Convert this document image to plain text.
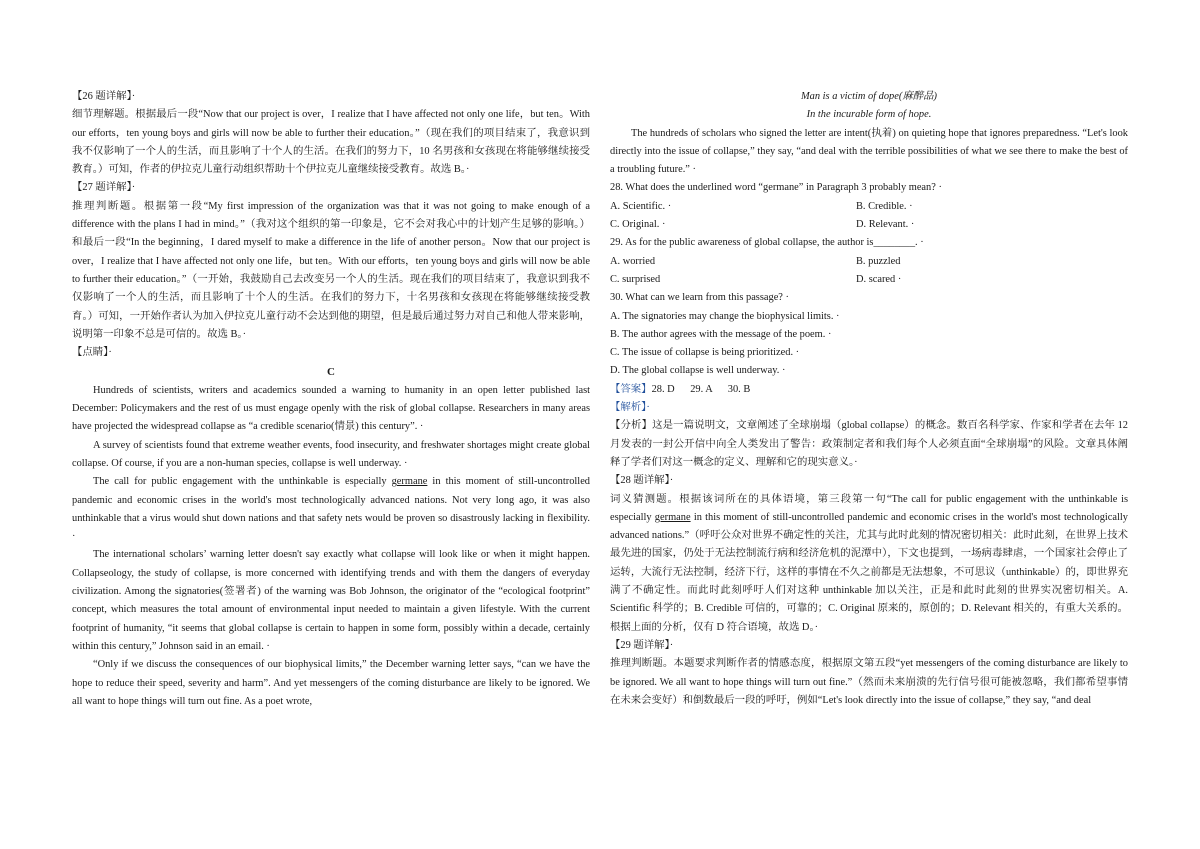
【26 题详解】·

细节理解题。根据最后一段“Now that our project is over，I realize that I have affected not only one life，but ten。With our efforts，ten young boys and girls will now be able to further their education。”（现在我们的项目结束了，我意识到我不仅影响了一个人的生活，而且影响了十个人的生活。在我们的努力下，10 名男孩和女孩现在将能够继续接受教育。）可知，作者的伊拉克儿童行动组织帮助十个伊拉克儿童继续接受教育。故选 B。·

【27 题详解】·

推理判断题。根据第一段“My first impression of the organization was that it was not going to make enough of a difference with the plans I had in mind。”（我对这个组织的第一印象是，它不会对我心中的计划产生足够的影响。）和最后一段“In the beginning，I dared myself to make a difference in the life of another person。Now that our project is over，I realize that I have affected not only one life，but ten。With our efforts，ten young boys and girls will now be able to further their education。”（一开始，我鼓励自己去改变另一个人的生活。现在我们的项目结束了，我意识到我不仅影响了一个人的生活，而且影响了十个人的生活。在我们的努力下，十名男孩和女孩现在将能够继续接受教育。）可知，一开始作者认为加入伊拉克儿童行动不会达到他的期望，但是最后通过努力对自己和他人带来影响，说明第一印象不总是可信的。故选 B。·

【点睛】·

C

Hundreds of scientists, writers and academics sounded a warning to humanity in an open letter published last December: Policymakers and the rest of us must engage openly with the risk of global collapse. Researchers in many areas have projected the widespread collapse as “a credible scenario(情景) this century”. ·

A survey of scientists found that extreme weather events, food insecurity, and freshwater shortages might create global collapse. Of course, if you are a non-human species, collapse is well underway. ·

The call for public engagement with the unthinkable is especially germane in this moment of still-uncontrolled pandemic and economic crises in the world's most technologically advanced nations. Not very long ago, it was also unthinkable that a virus would shut down nations and that safety nets would be proven so disastrously lacking in flexibility. ·

The international scholars’ warning letter doesn't say exactly what collapse will look like or when it might happen. Collapseology, the study of collapse, is more concerned with identifying trends and with them the dangers of everyday civilization. Among the signatories(签署者) of the warning was Bob Johnson, the originator of the “ecological footprint” concept, which measures the total amount of environmental input needed to maintain a given lifestyle. With the current footprint of humanity, “it seems that global collapse is certain to happen in some form, possibly within a decade, certainly within this century,” Johnson said in an email. ·

“Only if we discuss the consequences of our biophysical limits,” the December warning letter says, “can we have the hope to reduce their speed, severity and harm”. And yet messengers of the coming disturbance are likely to be ignored. We all want to hope things will turn out fine. As a poet wrote,

Man is a victim of dope(麻醉品)

In the incurable form of hope.

The hundreds of scholars who signed the letter are intent(执着) on quieting hope that ignores preparedness. “Let's look directly into the issue of collapse,” they say, “and deal with the terrible possibilities of what we see there to make the best of a troubling future.” ·

28. What does the underlined word “germane” in Paragraph 3 probably mean? ·

A. Scientific. ·	B. Credible. ·
C. Original. ·	D. Relevant. ·

29. As for the public awareness of global collapse, the author is________. ·

A. worried	B. puzzled
C. surprised	D. scared ·

30. What can we learn from this passage? ·

A. The signatories may change the biophysical limits. ·

B. The author agrees with the message of the poem. ·

C. The issue of collapse is being prioritized. ·

D. The global collapse is well underway. ·

【答案】28. D      29. A      30. B

【解析】·

【分析】这是一篇说明文，文章阐述了全球崩塌（global collapse）的概念。数百名科学家、作家和学者在去年 12 月发表的一封公开信中向全人类发出了警告：政策制定者和我们每个人必须直面“全球崩塌”的风险。文章具体阐释了学者们对这一概念的定义、理解和它的现实意义。·

【28 题详解】·

词义猜测题。根据该词所在的具体语境，第三段第一句“The call for public engagement with the unthinkable is especially germane in this moment of still-uncontrolled pandemic and economic crises in the world's most technologically advanced nations.”（呼吁公众对世界不确定性的关注，尤其与此时此刻的情况密切相关：此时此刻，在世界上技术最先进的国家，仍处于无法控制流行病和经济危机的泥潭中），下文也提到，一场病毒肆虐，一个国家社会停止了运转，大流行无法控制，经济下行，这样的事情在不久之前都是无法想象，不可思议（unthinkable）的，即世界充满了不确定性。而此时此刻呼吁人们对这种 unthinkable 加以关注，正是和此时此刻的世界实况密切相关。A. Scientific 科学的；B. Credible 可信的，可靠的；C. Original 原来的，原创的；D. Relevant 相关的，有重大关系的。根据上面的分析，仅有 D 符合语境，故选 D。·

【29 题详解】·

推理判断题。本题要求判断作者的情感态度，根据原文第五段“yet messengers of the coming disturbance are likely to be ignored. We all want to hope things will turn out fine.”（然而未来崩溃的先行信号很可能被忽略，我们都希望事情在未来会变好）和倒数最后一段的呼吁，例如“Let's look directly into the issue of collapse,” they say, “and deal
